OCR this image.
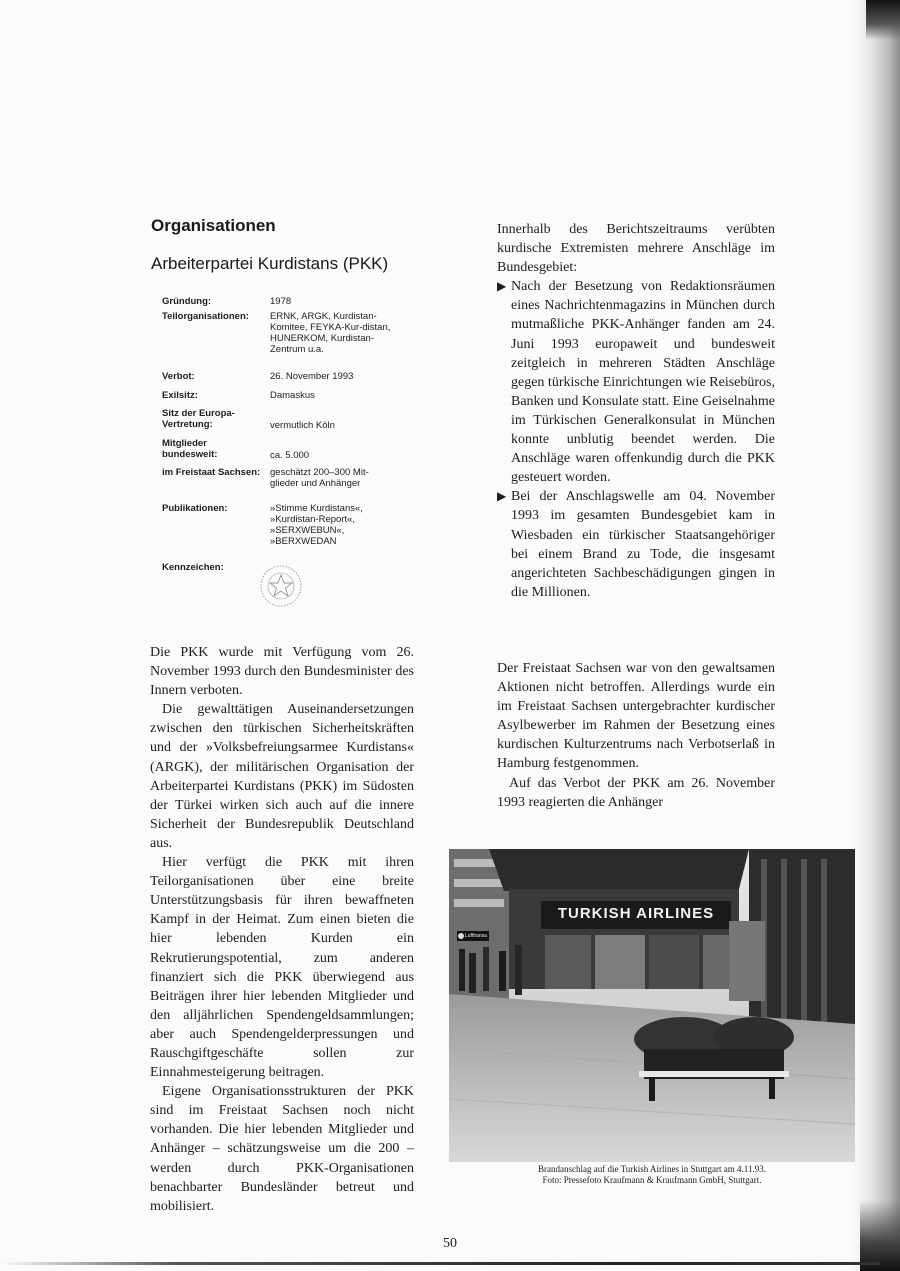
Organisationen
Arbeiterpartei Kurdistans (PKK)
Gründung:	1978
Teilorganisationen:	ERNK, ARGK, Kurdistan-Komitee, FEYKA-Kur-distan, HUNERKOM, Kurdistan-Zentrum u.a.
Verbot:	26. November 1993
Exilsitz:	Damaskus
Sitz der Europa-Vertretung:	vermutlich Köln
Mitglieder bundesweit:	ca. 5.000
im Freistaat Sachsen:	geschätzt 200–300 Mit-glieder und Anhänger
Publikationen:	»Stimme Kurdistans«, »Kurdistan-Report«, »SERXWEBUN«, »BERXWEDAN
Kennzeichen:

Die PKK wurde mit Verfügung vom 26. November 1993 durch den Bundesminister des Innern verboten.

Die gewalttätigen Auseinandersetzungen zwischen den türkischen Sicherheitskräften und der »Volksbefreiungsarmee Kurdistans« (ARGK), der militärischen Organisation der Arbeiterpartei Kurdistans (PKK) im Südosten der Türkei wirken sich auch auf die innere Sicherheit der Bundesrepublik Deutschland aus.

Hier verfügt die PKK mit ihren Teilorganisationen über eine breite Unterstützungsbasis für ihren bewaffneten Kampf in der Heimat. Zum einen bieten die hier lebenden Kurden ein Rekrutierungspotential, zum anderen finanziert sich die PKK überwiegend aus Beiträgen ihrer hier lebenden Mitglieder und den alljährlichen Spendengeldsammlungen; aber auch Spendengelderpressungen und Rauschgiftgeschäfte sollen zur Einnahmesteigerung beitragen.

Eigene Organisationsstrukturen der PKK sind im Freistaat Sachsen noch nicht vorhanden. Die hier lebenden Mitglieder und Anhänger – schätzungsweise um die 200 – werden durch PKK-Organisationen benachbarter Bundesländer betreut und mobilisiert.

Innerhalb des Berichtszeitraums verübten kurdische Extremisten mehrere Anschläge im Bundesgebiet:

▶ Nach der Besetzung von Redaktionsräumen eines Nachrichtenmagazins in München durch mutmaßliche PKK-Anhänger fanden am 24. Juni 1993 europaweit und bundesweit zeitgleich in mehreren Städten Anschläge gegen türkische Einrichtungen wie Reisebüros, Banken und Konsulate statt. Eine Geiselnahme im Türkischen Generalkonsulat in München konnte unblutig beendet werden. Die Anschläge waren offenkundig durch die PKK gesteuert worden.
▶ Bei der Anschlagswelle am 04. November 1993 im gesamten Bundesgebiet kam in Wiesbaden ein türkischer Staatsangehöriger bei einem Brand zu Tode, die insgesamt angerichteten Sachbeschädigungen gingen in die Millionen.

Der Freistaat Sachsen war von den gewaltsamen Aktionen nicht betroffen. Allerdings wurde ein im Freistaat Sachsen untergebrachter kurdischer Asylbewerber im Rahmen der Besetzung eines kurdischen Kulturzentrums nach Verbotserlaß in Hamburg festgenommen.

Auf das Verbot der PKK am 26. November 1993 reagierten die Anhänger

TURKISH AIRLINES
Lufthansa
Brandanschlag auf die Turkish Airlines in Stuttgart am 4.11.93.
Foto: Pressefoto Kraufmann & Kraufmann GmbH, Stuttgart.
50
